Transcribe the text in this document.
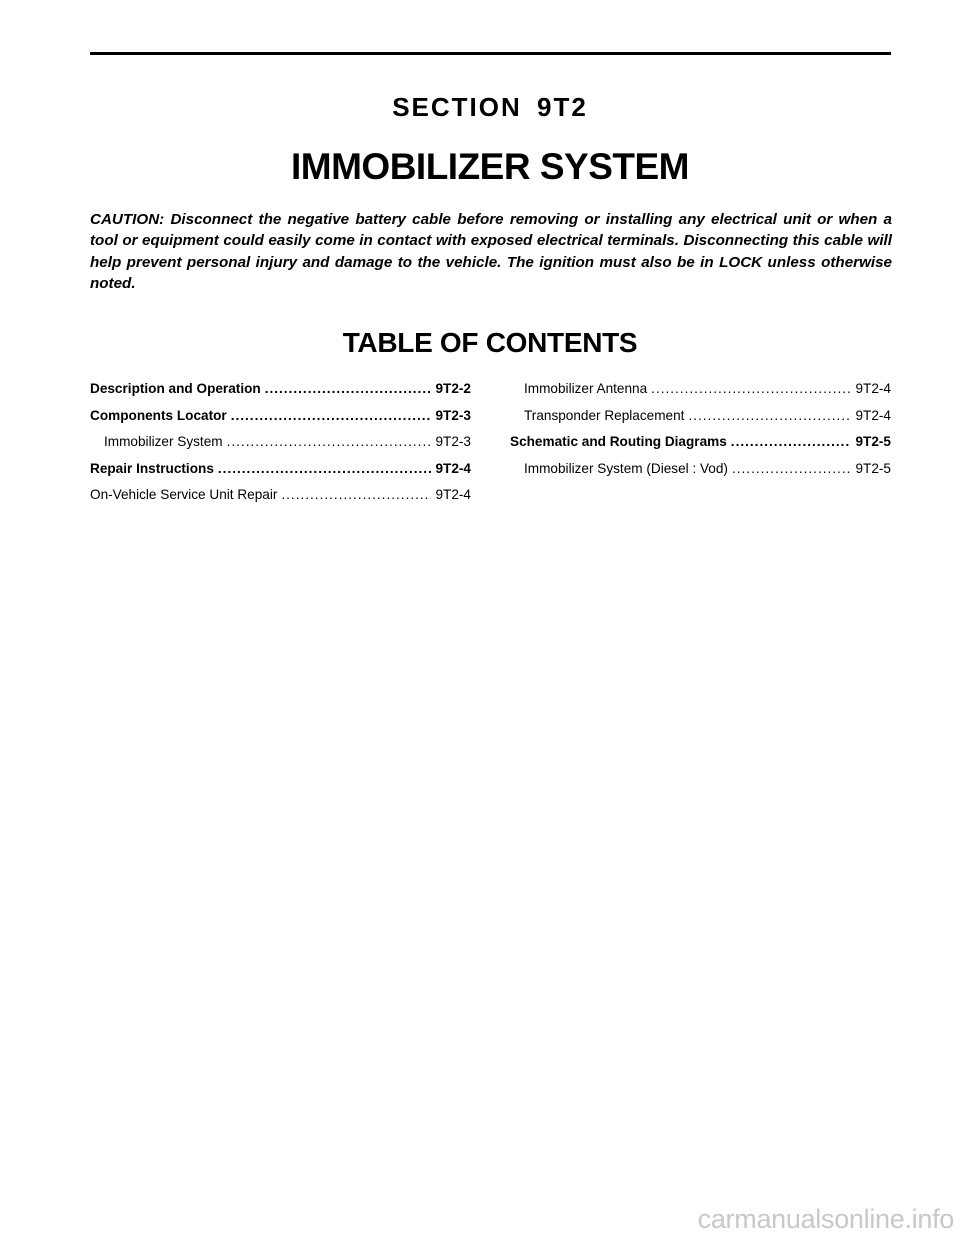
SECTION 9T2
IMMOBILIZER SYSTEM
CAUTION: Disconnect the negative battery cable before removing or installing any electrical unit or when a tool or equipment could easily come in contact with exposed electrical terminals. Disconnecting this cable will help prevent personal injury and damage to the vehicle. The ignition must also be in LOCK unless otherwise noted.
TABLE OF CONTENTS
Description and Operation .....	9T2-2
Components Locator .....	9T2-3
Immobilizer System .....	9T2-3
Repair Instructions .....	9T2-4
On-Vehicle Service Unit Repair .....	9T2-4
Immobilizer Antenna .....	9T2-4
Transponder Replacement .....	9T2-4
Schematic and Routing Diagrams .....	9T2-5
Immobilizer System (Diesel : Vod) .....	9T2-5
carmanualsonline.info
